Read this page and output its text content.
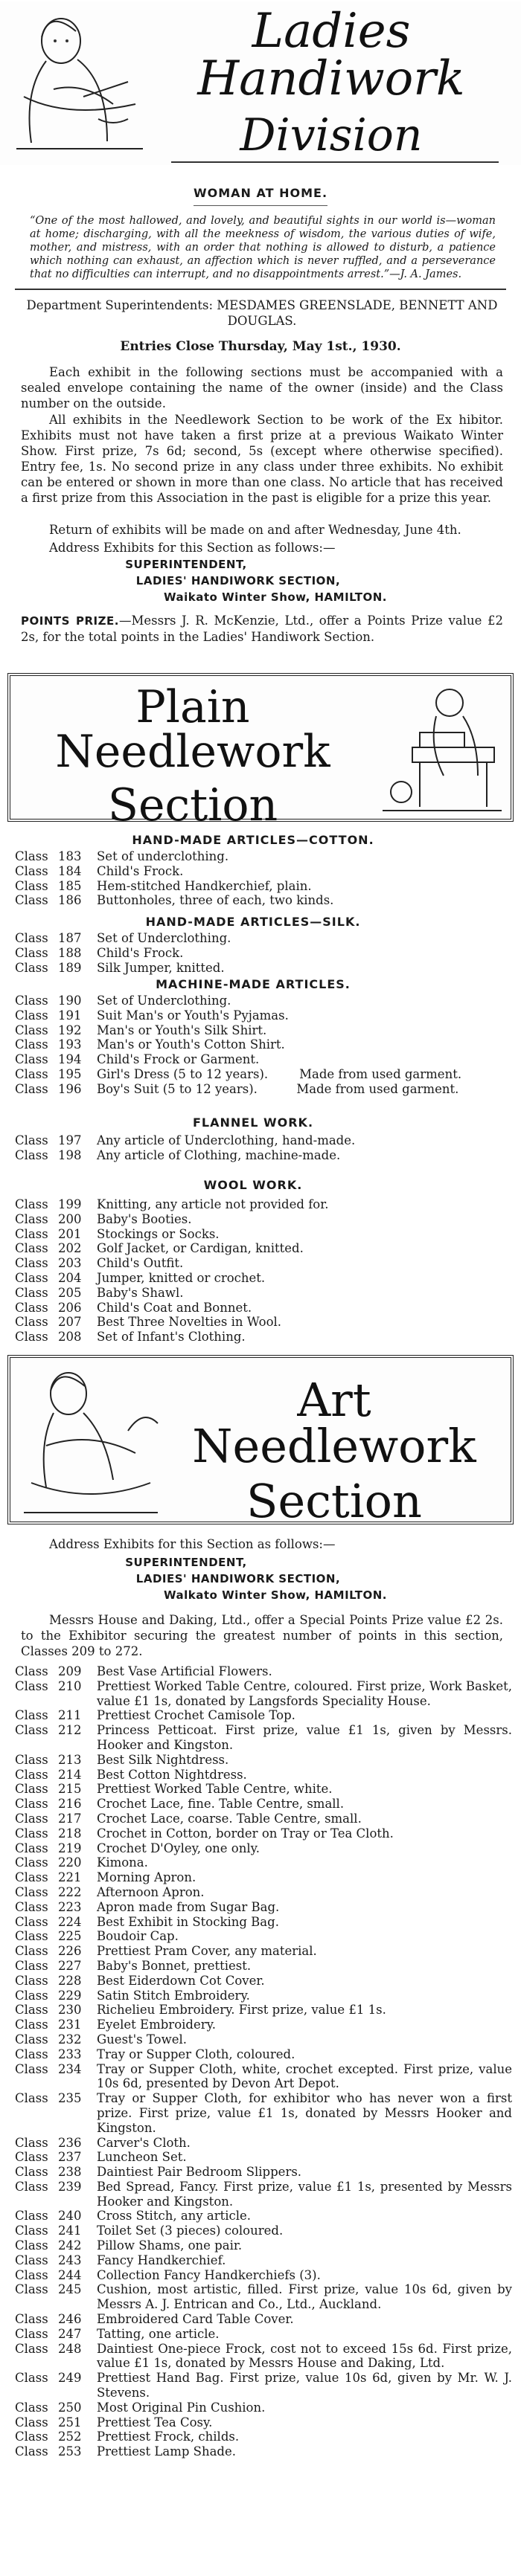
Ladies Handiwork
Division
WOMAN AT HOME.
“One of the most hallowed, and lovely, and beautiful sights in our world is—woman at home; discharging, with all the meekness of wisdom, the various duties of wife, mother, and mistress, with an order that nothing is allowed to disturb, a patience which nothing can exhaust, an affection which is never ruffled, and a perseverance that no difficulties can interrupt, and no disappointments arrest.”—J. A. James.
Department Superintendents: MESDAMES GREENSLADE, BENNETT AND DOUGLAS.
Entries Close Thursday, May 1st., 1930.
Each exhibit in the following sections must be accompanied with a sealed envelope containing the name of the owner (inside) and the Class number on the outside.
All exhibits in the Needlework Section to be work of the Ex hibitor. Exhibits must not have taken a first prize at a previous Waikato Winter Show. First prize, 7s 6d; second, 5s (except where otherwise specified). Entry fee, 1s. No second prize in any class under three exhibits. No exhibit can be entered or shown in more than one class. No article that has received a first prize from this Association in the past is eligible for a prize this year.
Return of exhibits will be made on and after Wednesday, June 4th.
Address Exhibits for this Section as follows:—
SUPERINTENDENT,
LADIES' HANDIWORK SECTION,
Waikato Winter Show, HAMILTON.
POINTS PRIZE.—Messrs J. R. McKenzie, Ltd., offer a Points Prize value £2 2s, for the total points in the Ladies' Handiwork Section.
Plain Needlework
Section
HAND-MADE ARTICLES—COTTON.
Class 183	Set of underclothing.
Class 184	Child's Frock.
Class 185	Hem-stitched Handkerchief, plain.
Class 186	Buttonholes, three of each, two kinds.
HAND-MADE ARTICLES—SILK.
Class 187	Set of Underclothing.
Class 188	Child's Frock.
Class 189	Silk Jumper, knitted.
MACHINE-MADE ARTICLES.
Class 190	Set of Underclothing.
Class 191	Suit Man's or Youth's Pyjamas.
Class 192	Man's or Youth's Silk Shirt.
Class 193	Man's or Youth's Cotton Shirt.
Class 194	Child's Frock or Garment.
Class 195	Girl's Dress (5 to 12 years).        Made from used garment.
Class 196	Boy's Suit (5 to 12 years).          Made from used garment.
FLANNEL WORK.
Class 197	Any article of Underclothing, hand-made.
Class 198	Any article of Clothing, machine-made.
WOOL WORK.
Class 199	Knitting, any article not provided for.
Class 200	Baby's Booties.
Class 201	Stockings or Socks.
Class 202	Golf Jacket, or Cardigan, knitted.
Class 203	Child's Outfit.
Class 204	Jumper, knitted or crochet.
Class 205	Baby's Shawl.
Class 206	Child's Coat and Bonnet.
Class 207	Best Three Novelties in Wool.
Class 208	Set of Infant's Clothing.
Art Needlework
Section
Address Exhibits for this Section as follows:—
SUPERINTENDENT,
LADIES' HANDIWORK SECTION,
Walkato Winter Show, HAMILTON.
Messrs House and Daking, Ltd., offer a Special Points Prize value £2 2s. to the Exhibitor securing the greatest number of points in this section, Classes 209 to 272.
Class 209	Best Vase Artificial Flowers.
Class 210	Prettiest Worked Table Centre, coloured. First prize, Work Basket, value £1 1s, donated by Langsfords Speciality House.
Class 211	Prettiest Crochet Camisole Top.
Class 212	Princess Petticoat. First prize, value £1 1s, given by Messrs. Hooker and Kingston.
Class 213	Best Silk Nightdress.
Class 214	Best Cotton Nightdress.
Class 215	Prettiest Worked Table Centre, white.
Class 216	Crochet Lace, fine. Table Centre, small.
Class 217	Crochet Lace, coarse. Table Centre, small.
Class 218	Crochet in Cotton, border on Tray or Tea Cloth.
Class 219	Crochet D'Oyley, one only.
Class 220	Kimona.
Class 221	Morning Apron.
Class 222	Afternoon Apron.
Class 223	Apron made from Sugar Bag.
Class 224	Best Exhibit in Stocking Bag.
Class 225	Boudoir Cap.
Class 226	Prettiest Pram Cover, any material.
Class 227	Baby's Bonnet, prettiest.
Class 228	Best Eiderdown Cot Cover.
Class 229	Satin Stitch Embroidery.
Class 230	Richelieu Embroidery. First prize, value £1 1s.
Class 231	Eyelet Embroidery.
Class 232	Guest's Towel.
Class 233	Tray or Supper Cloth, coloured.
Class 234	Tray or Supper Cloth, white, crochet excepted. First prize, value 10s 6d, presented by Devon Art Depot.
Class 235	Tray or Supper Cloth, for exhibitor who has never won a first prize. First prize, value £1 1s, donated by Messrs Hooker and Kingston.
Class 236	Carver's Cloth.
Class 237	Luncheon Set.
Class 238	Daintiest Pair Bedroom Slippers.
Class 239	Bed Spread, Fancy. First prize, value £1 1s, presented by Messrs Hooker and Kingston.
Class 240	Cross Stitch, any article.
Class 241	Toilet Set (3 pieces) coloured.
Class 242	Pillow Shams, one pair.
Class 243	Fancy Handkerchief.
Class 244	Collection Fancy Handkerchiefs (3).
Class 245	Cushion, most artistic, filled. First prize, value 10s 6d, given by Messrs A. J. Entrican and Co., Ltd., Auckland.
Class 246	Embroidered Card Table Cover.
Class 247	Tatting, one article.
Class 248	Daintiest One-piece Frock, cost not to exceed 15s 6d. First prize, value £1 1s, donated by Messrs House and Daking, Ltd.
Class 249	Prettiest Hand Bag. First prize, value 10s 6d, given by Mr. W. J. Stevens.
Class 250	Most Original Pin Cushion.
Class 251	Prettiest Tea Cosy.
Class 252	Prettiest Frock, childs.
Class 253	Prettiest Lamp Shade.
